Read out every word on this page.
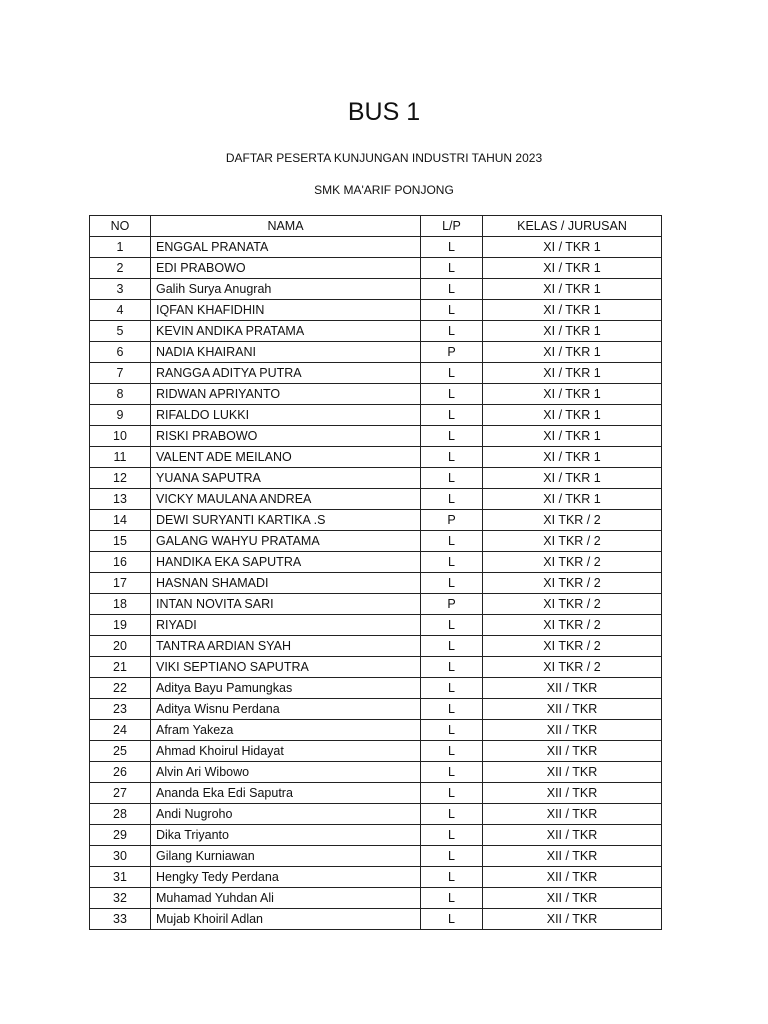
BUS 1
DAFTAR PESERTA KUNJUNGAN INDUSTRI TAHUN 2023
SMK MA'ARIF PONJONG
NO	NAMA	L/P	KELAS / JURUSAN
1	ENGGAL PRANATA	L	XI / TKR 1
2	EDI PRABOWO	L	XI / TKR 1
3	Galih Surya Anugrah	L	XI / TKR 1
4	IQFAN KHAFIDHIN	L	XI / TKR 1
5	KEVIN ANDIKA PRATAMA	L	XI / TKR 1
6	NADIA KHAIRANI	P	XI / TKR 1
7	RANGGA ADITYA PUTRA	L	XI / TKR 1
8	RIDWAN APRIYANTO	L	XI / TKR 1
9	RIFALDO LUKKI	L	XI / TKR 1
10	RISKI PRABOWO	L	XI / TKR 1
11	VALENT ADE MEILANO	L	XI / TKR 1
12	YUANA SAPUTRA	L	XI / TKR 1
13	VICKY MAULANA ANDREA	L	XI / TKR 1
14	DEWI SURYANTI KARTIKA .S	P	XI TKR / 2
15	GALANG WAHYU PRATAMA	L	XI TKR / 2
16	HANDIKA EKA SAPUTRA	L	XI TKR / 2
17	HASNAN SHAMADI	L	XI TKR / 2
18	INTAN NOVITA SARI	P	XI TKR / 2
19	RIYADI	L	XI TKR / 2
20	TANTRA ARDIAN SYAH	L	XI TKR / 2
21	VIKI SEPTIANO SAPUTRA	L	XI TKR / 2
22	Aditya Bayu Pamungkas	L	XII / TKR
23	Aditya Wisnu Perdana	L	XII / TKR
24	Afram Yakeza	L	XII / TKR
25	Ahmad Khoirul Hidayat	L	XII / TKR
26	Alvin Ari Wibowo	L	XII / TKR
27	Ananda Eka Edi Saputra	L	XII / TKR
28	Andi Nugroho	L	XII / TKR
29	Dika Triyanto	L	XII / TKR
30	Gilang Kurniawan	L	XII / TKR
31	Hengky Tedy Perdana	L	XII / TKR
32	Muhamad Yuhdan Ali	L	XII / TKR
33	Mujab Khoiril Adlan	L	XII / TKR
